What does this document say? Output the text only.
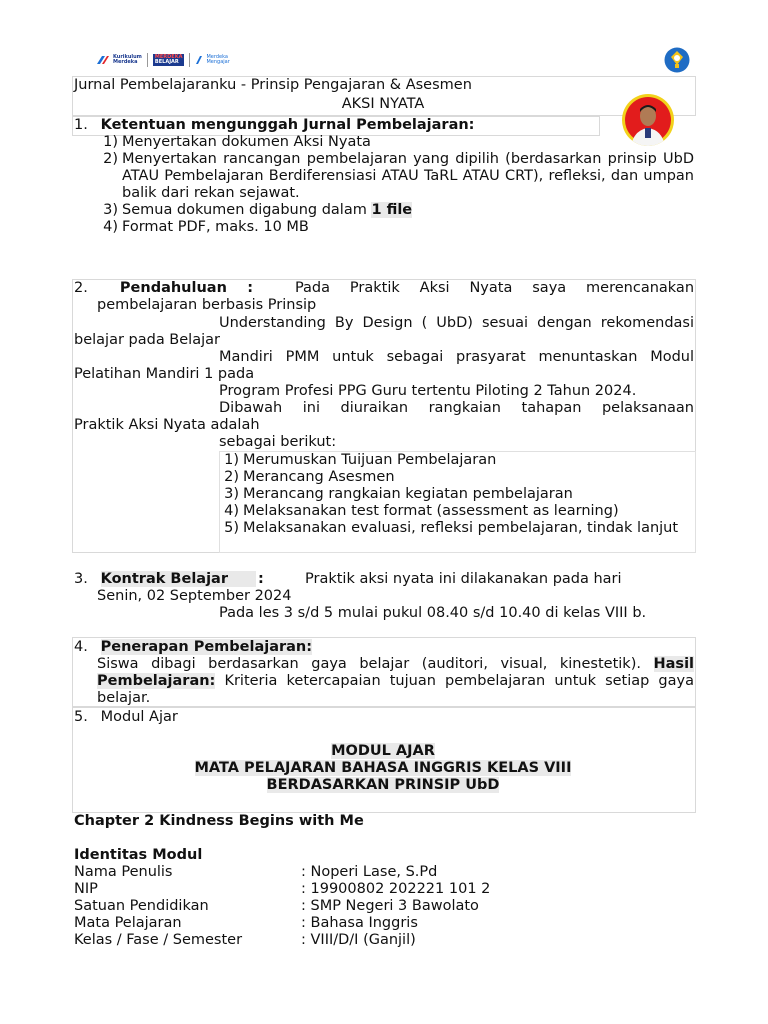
Kurikulum
Merdeka
MERDEKA
BELAJAR
Merdeka
Mengajar
Jurnal Pembelajaranku - Prinsip Pengajaran & Asesmen
AKSI NYATA
1. Ketentuan mengunggah Jurnal Pembelajaran:
1) Menyertakan dokumen Aksi Nyata
2) Menyertakan rancangan pembelajaran yang dipilih (berdasarkan prinsip UbD ATAU Pembelajaran Berdiferensiasi ATAU TaRL ATAU CRT), refleksi, dan umpan balik dari rekan sejawat.
3) Semua dokumen digabung dalam 1 file
4) Format PDF, maks. 10 MB
2. Pendahuluan :	Pada Praktik Aksi Nyata saya merencanakan
pembelajaran berbasis Prinsip
Understanding By Design ( UbD) sesuai dengan rekomendasi
belajar pada Belajar
Mandiri PMM untuk sebagai prasyarat menuntaskan Modul
Pelatihan Mandiri 1 pada
Program Profesi PPG Guru tertentu Piloting 2 Tahun 2024.
Dibawah ini diuraikan rangkaian tahapan pelaksanaan
Praktik Aksi Nyata adalah
sebagai berikut:
1) Merumuskan Tuijuan Pembelajaran
2) Merancang Asesmen
3) Merancang rangkaian kegiatan pembelajaran
4) Melaksanakan test format (assessment as learning)
5) Melaksanakan evaluasi, refleksi pembelajaran, tindak lanjut
3. Kontrak Belajar	:	Praktik aksi nyata ini dilakanakan pada hari
Senin, 02 September 2024
Pada les 3 s/d 5 mulai pukul 08.40 s/d 10.40 di kelas VIII b.
4. Penerapan Pembelajaran:
Siswa dibagi berdasarkan gaya belajar (auditori, visual, kinestetik). Hasil Pembelajaran: Kriteria ketercapaian tujuan pembelajaran untuk setiap gaya belajar.
5. Modul Ajar
MODUL AJAR
MATA PELAJARAN BAHASA INGGRIS KELAS VIII
BERDASARKAN PRINSIP UbD
Chapter 2 Kindness Begins with Me
Identitas Modul
Nama Penulis	: Noperi Lase, S.Pd
NIP	: 19900802 202221 101 2
Satuan Pendidikan	: SMP Negeri 3 Bawolato
Mata Pelajaran	: Bahasa Inggris
Kelas / Fase / Semester	: VIII/D/I (Ganjil)
